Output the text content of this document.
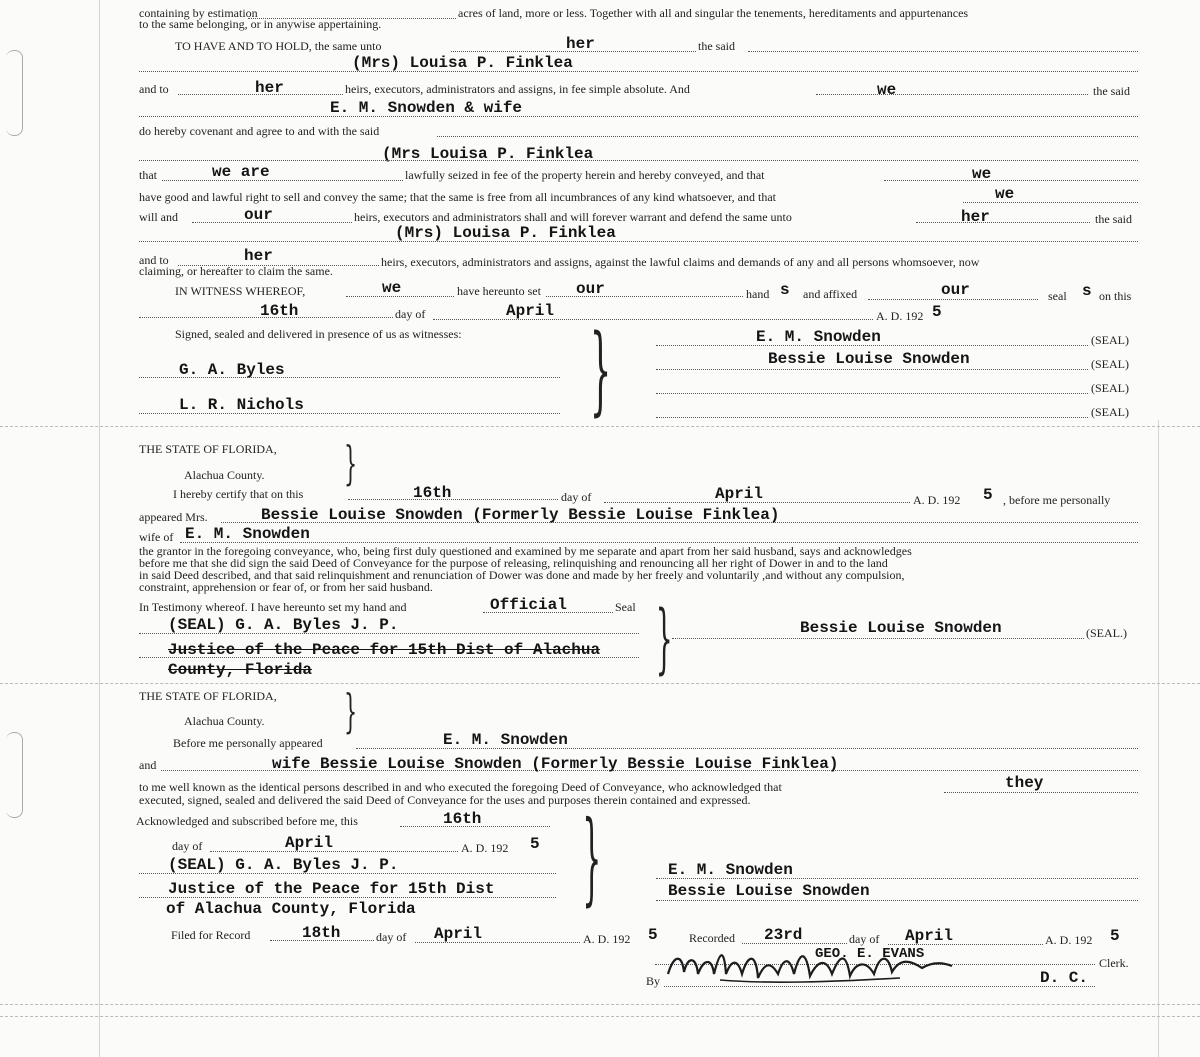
containing by estimation	acres of land, more or less. Together with all and singular the tenements, hereditaments and appurtenances
to the same belonging, or in anywise appertaining.
TO HAVE AND TO HOLD, the same unto	her	the said
(Mrs) Louisa P. Finklea
and to	her	heirs, executors, administrators and assigns, in fee simple absolute. And	we	the said
E. M. Snowden & wife
do hereby covenant and agree to and with the said
(Mrs Louisa P. Finklea
that	we are	lawfully seized in fee of the property herein and hereby conveyed, and that	we
have good and lawful right to sell and convey the same; that the same is free from all incumbrances of any kind whatsoever, and that	we
will and	our	heirs, executors and administrators shall and will forever warrant and defend the same unto	her	the said
(Mrs) Louisa P. Finklea
and to	her	heirs, executors, administrators and assigns, against the lawful claims and demands of any and all persons whomsoever, now
claiming, or hereafter to claim the same.
IN WITNESS WHEREOF,	we	have hereunto set our	hand s and affixed	our	seal s on this
16th	day of	April	A. D. 192 5
Signed, sealed and delivered in presence of us as witnesses: }
G. A. Byles
L. R. Nichols
E. M. Snowden	(SEAL)
Bessie Louise Snowden	(SEAL)
(SEAL)
(SEAL)
THE STATE OF FLORIDA,
Alachua County. }
I hereby certify that on this	16th	day of	April	A. D. 192 5 , before me personally
appeared Mrs.	Bessie Louise Snowden (Formerly Bessie Louise Finklea)
wife of E. M. Snowden
the grantor in the foregoing conveyance, who, being first duly questioned and examined by me separate and apart from her said husband, says and acknowledges
before me that she did sign the said Deed of Conveyance for the purpose of releasing, relinquishing and renouncing all her right of Dower in and to the land
in said Deed described, and that said relinquishment and renunciation of Dower was done and made by her freely and voluntarily ,and without any compulsion,
constraint, apprehension or fear of, or from her said husband.
In Testimony whereof. I have hereunto set my hand and	Official	Seal }
(SEAL) G. A. Byles J. P.
Justice of the Peace for 15th Dist of Alachua
County, Florida
Bessie Louise Snowden	(SEAL.)
THE STATE OF FLORIDA,
Alachua County. }
Before me personally appeared	E. M. Snowden
and	wife Bessie Louise Snowden (Formerly Bessie Louise Finklea)
to me well known as the identical persons described in and who executed the foregoing Deed of Conveyance, who acknowledged that	they
executed, signed, sealed and delivered the said Deed of Conveyance for the uses and purposes therein contained and expressed.
Acknowledged and subscribed before me, this	16th }
day of	April	A. D. 192 5
(SEAL) G. A. Byles J. P.
Justice of the Peace for 15th Dist
of Alachua County, Florida
E. M. Snowden
Bessie Louise Snowden
Filed for Record	18th	day of April	A. D. 192 5	Recorded 23rd	day of April	A. D. 192 5
GEO. E. EVANS
Clerk.
By	D. C.
